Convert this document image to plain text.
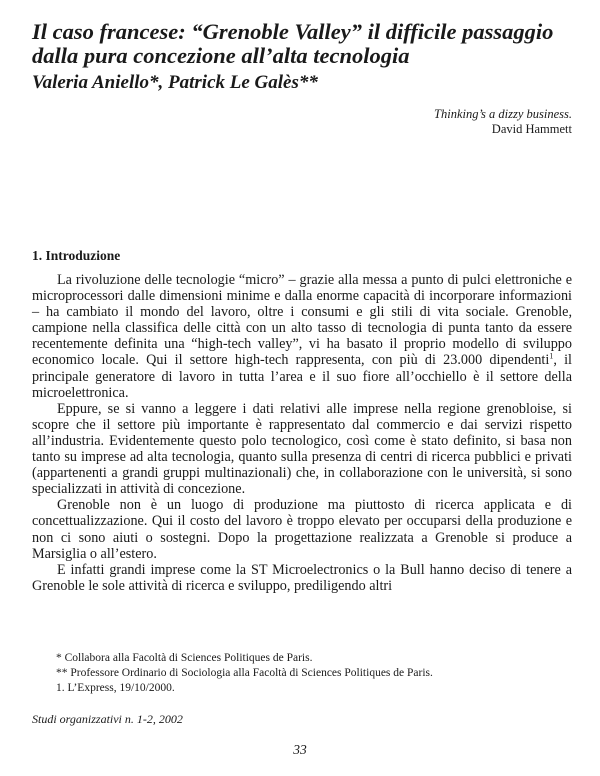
Il caso francese: “Grenoble Valley” il difficile passaggio dalla pura concezione all’alta tecnologia
Valeria Aniello*, Patrick Le Galès**
Thinking’s a dizzy business.
David Hammett
1. Introduzione

La rivoluzione delle tecnologie “micro” – grazie alla messa a punto di pulci elettroniche e microprocessori dalle dimensioni minime e dalla enorme capacità di incorporare informazioni – ha cambiato il mondo del lavoro, oltre i consumi e gli stili di vita sociale. Grenoble, campione nella classifica delle città con un alto tasso di tecnologia di punta tanto da essere recentemente definita una “high-tech valley”, vi ha basato il proprio modello di sviluppo economico locale. Qui il settore high-tech rappresenta, con più di 23.000 dipendenti$^1$, il principale generatore di lavoro in tutta l’area e il suo fiore all’occhiello è il settore della microelettronica.

Eppure, se si vanno a leggere i dati relativi alle imprese nella regione grenobloise, si scopre che il settore più importante è rappresentato dal commercio e dai servizi rispetto all’industria. Evidentemente questo polo tecnologico, così come è stato definito, si basa non tanto su imprese ad alta tecnologia, quanto sulla presenza di centri di ricerca pubblici e privati (appartenenti a grandi gruppi multinazionali) che, in collaborazione con le università, si sono specializzati in attività di concezione.

Grenoble non è un luogo di produzione ma piuttosto di ricerca applicata e di concettualizzazione. Qui il costo del lavoro è troppo elevato per occuparsi della produzione e non ci sono aiuti o sostegni. Dopo la progettazione realizzata a Grenoble si produce a Marsiglia o all’estero.

E infatti grandi imprese come la ST Microelectronics o la Bull hanno deciso di tenere a Grenoble le sole attività di ricerca e sviluppo, prediligendo altri

* Collabora alla Facoltà di Sciences Politiques de Paris.
** Professore Ordinario di Sociologia alla Facoltà di Sciences Politiques de Paris.
1. L’Express, 19/10/2000.
Studi organizzativi n. 1-2, 2002
33
